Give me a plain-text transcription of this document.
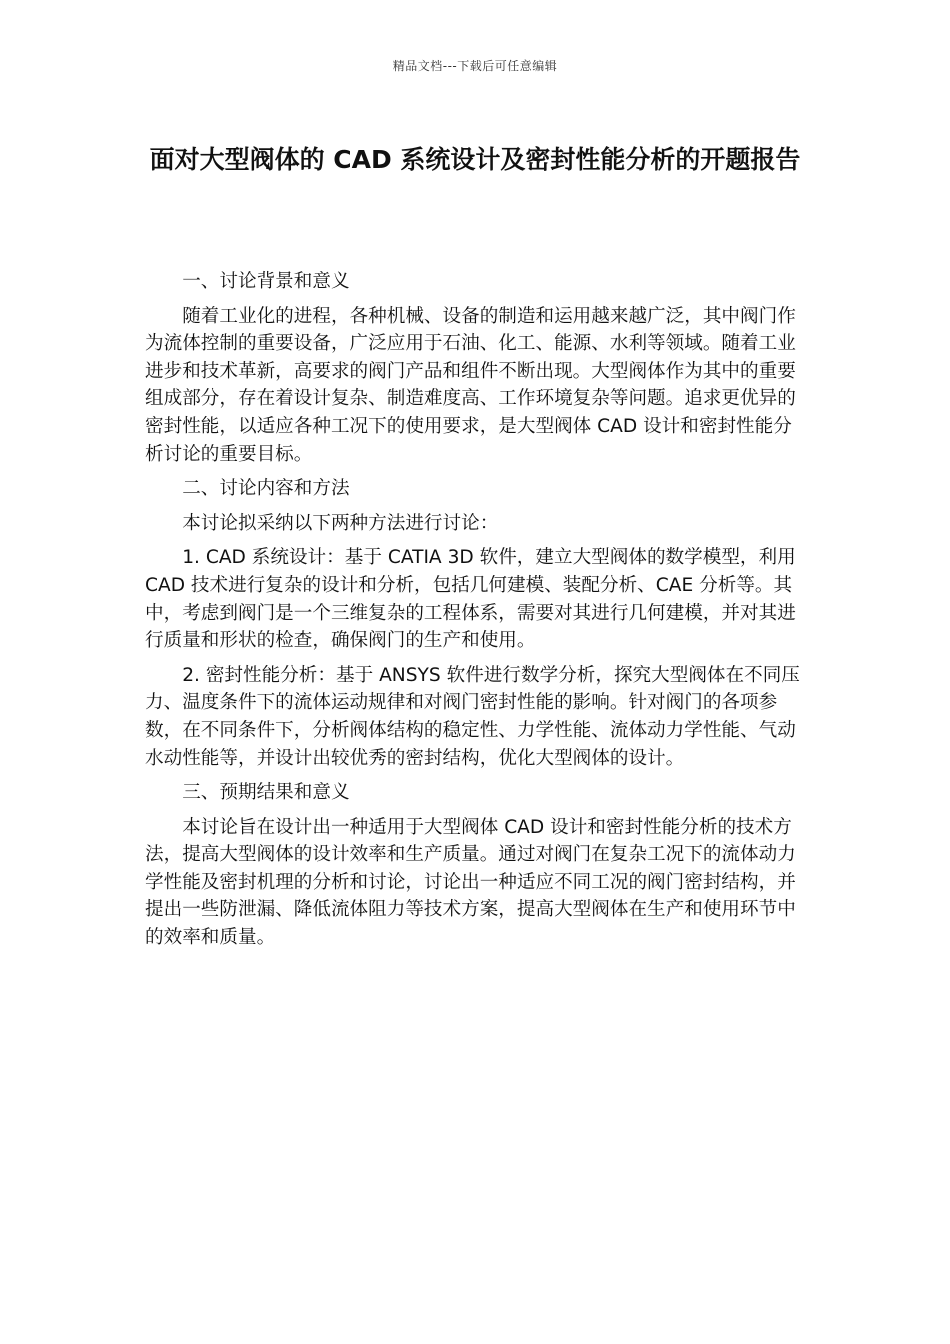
精品文档---下载后可任意编辑
面对大型阀体的 CAD 系统设计及密封性能分析的开题报告

一、讨论背景和意义

随着工业化的进程，各种机械、设备的制造和运用越来越广泛，其中阀门作为流体控制的重要设备，广泛应用于石油、化工、能源、水利等领域。随着工业进步和技术革新，高要求的阀门产品和组件不断出现。大型阀体作为其中的重要组成部分，存在着设计复杂、制造难度高、工作环境复杂等问题。追求更优异的密封性能，以适应各种工况下的使用要求，是大型阀体 CAD 设计和密封性能分析讨论的重要目标。

二、讨论内容和方法

本讨论拟采纳以下两种方法进行讨论：

1. CAD 系统设计：基于 CATIA 3D 软件，建立大型阀体的数学模型，利用 CAD 技术进行复杂的设计和分析，包括几何建模、装配分析、CAE 分析等。其中，考虑到阀门是一个三维复杂的工程体系，需要对其进行几何建模，并对其进行质量和形状的检查，确保阀门的生产和使用。

2. 密封性能分析：基于 ANSYS 软件进行数学分析，探究大型阀体在不同压力、温度条件下的流体运动规律和对阀门密封性能的影响。针对阀门的各项参数，在不同条件下，分析阀体结构的稳定性、力学性能、流体动力学性能、气动水动性能等，并设计出较优秀的密封结构，优化大型阀体的设计。

三、预期结果和意义

本讨论旨在设计出一种适用于大型阀体 CAD 设计和密封性能分析的技术方法，提高大型阀体的设计效率和生产质量。通过对阀门在复杂工况下的流体动力学性能及密封机理的分析和讨论，讨论出一种适应不同工况的阀门密封结构，并提出一些防泄漏、降低流体阻力等技术方案，提高大型阀体在生产和使用环节中的效率和质量。
